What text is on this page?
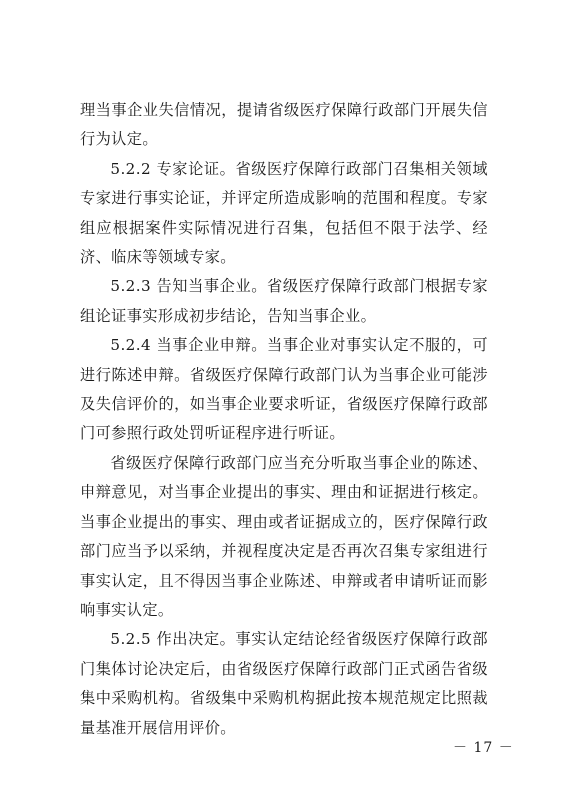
理当事企业失信情况，提请省级医疗保障行政部门开展失信行为认定。

5.2.2 专家论证。省级医疗保障行政部门召集相关领域专家进行事实论证，并评定所造成影响的范围和程度。专家组应根据案件实际情况进行召集，包括但不限于法学、经济、临床等领域专家。

5.2.3 告知当事企业。省级医疗保障行政部门根据专家组论证事实形成初步结论，告知当事企业。

5.2.4 当事企业申辩。当事企业对事实认定不服的，可进行陈述申辩。省级医疗保障行政部门认为当事企业可能涉及失信评价的，如当事企业要求听证，省级医疗保障行政部门可参照行政处罚听证程序进行听证。

省级医疗保障行政部门应当充分听取当事企业的陈述、申辩意见，对当事企业提出的事实、理由和证据进行核定。当事企业提出的事实、理由或者证据成立的，医疗保障行政部门应当予以采纳，并视程度决定是否再次召集专家组进行事实认定，且不得因当事企业陈述、申辩或者申请听证而影响事实认定。

5.2.5 作出决定。事实认定结论经省级医疗保障行政部门集体讨论决定后，由省级医疗保障行政部门正式函告省级集中采购机构。省级集中采购机构据此按本规范规定比照裁量基准开展信用评价。

－ 17 －
